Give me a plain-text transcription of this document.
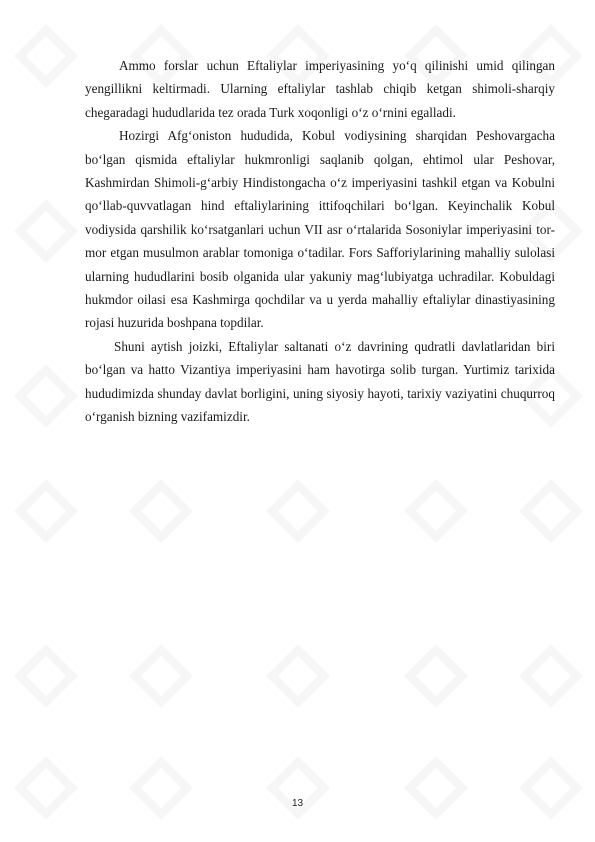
Ammo forslar uchun Eftaliylar imperiyasining yoʻq qilinishi umid qilingan yengillikni keltirmadi. Ularning eftaliylar tashlab chiqib ketgan shimoli-sharqiy chegaradagi hududlarida tez orada Turk xoqonligi oʻz oʻrnini egalladi.

Hozirgi Afgʻoniston hududida, Kobul vodiysining sharqidan Peshovargacha boʻlgan qismida eftaliylar hukmronligi saqlanib qolgan, ehtimol ular Peshovar, Kashmirdan Shimoli-gʻarbiy Hindistongacha oʻz imperiyasini tashkil etgan va Kobulni qoʻllab-quvvatlagan hind eftaliylarining ittifoqchilari boʻlgan. Keyinchalik Kobul vodiysida qarshilik koʻrsatganlari uchun VII asr oʻrtalarida Sosoniylar imperiyasini tor-mor etgan musulmon arablar tomoniga oʻtadilar. Fors Safforiylarining mahalliy sulolasi ularning hududlarini bosib olganida ular yakuniy magʻlubiyatga uchradilar. Kobuldagi hukmdor oilasi esa Kashmirga qochdilar va u yerda mahalliy eftaliylar dinastiyasining rojasi huzurida boshpana topdilar.

Shuni aytish joizki, Eftaliylar saltanati oʻz davrining qudratli davlatlaridan biri boʻlgan va hatto Vizantiya imperiyasini ham havotirga solib turgan. Yurtimiz tarixida hududimizda shunday davlat borligini, uning siyosiy hayoti, tarixiy vaziyatini chuqurroq oʻrganish bizning vazifamizdir.

13
